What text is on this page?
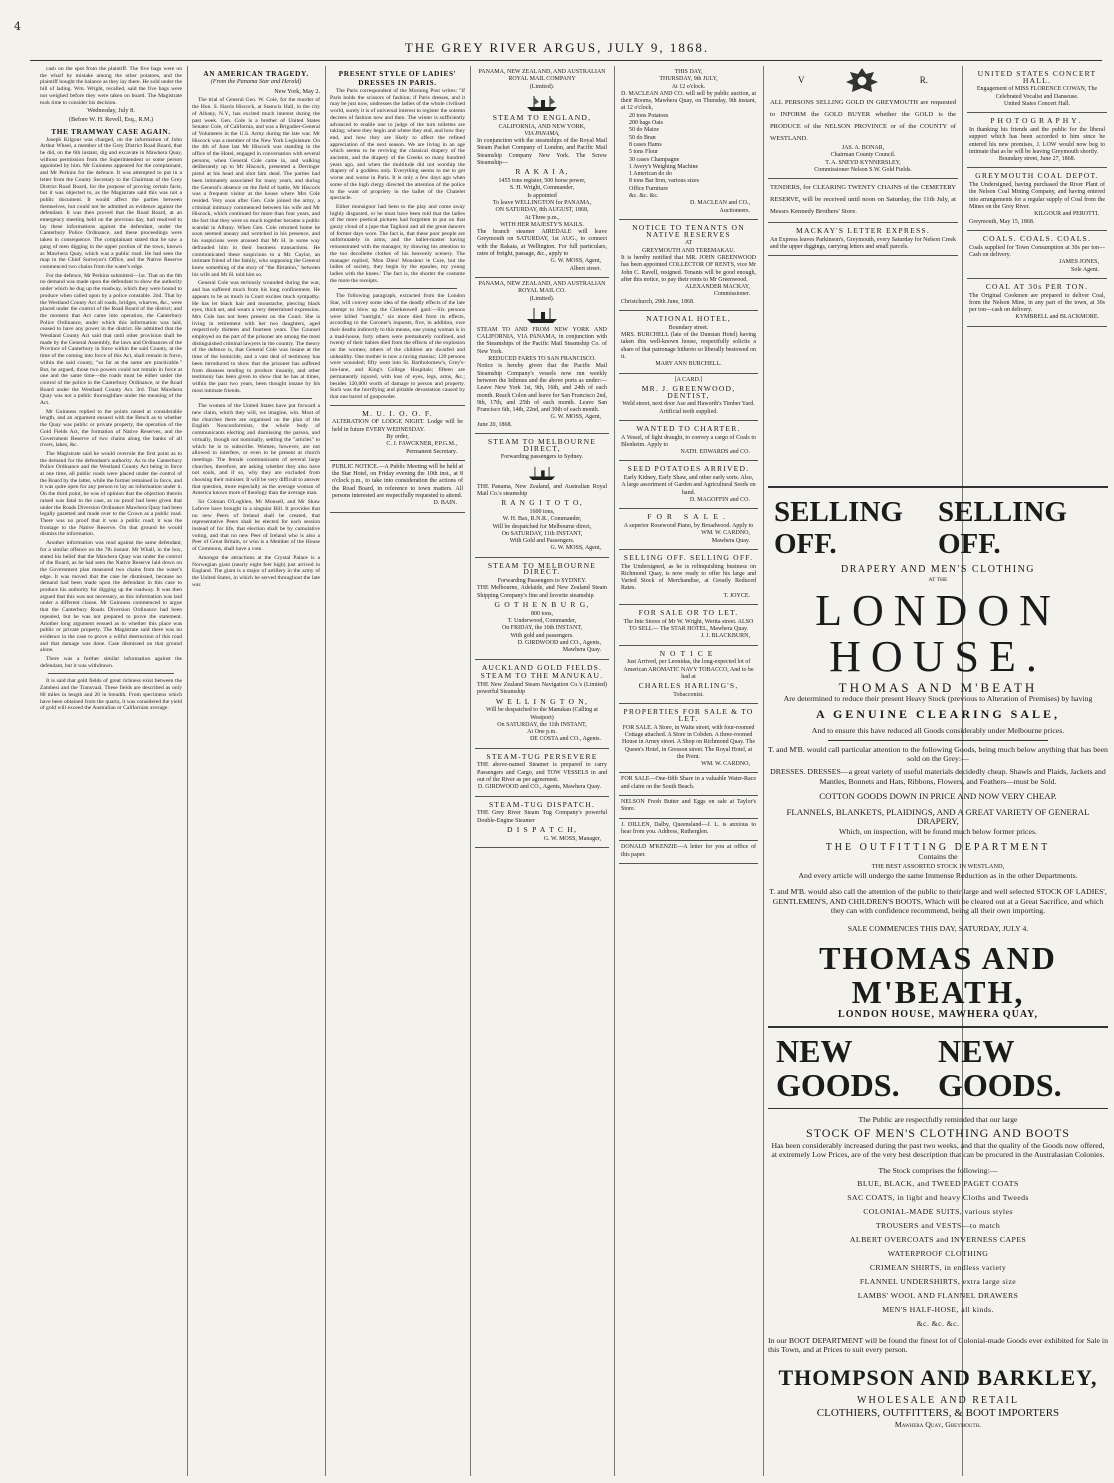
4
THE GREY RIVER ARGUS, JULY 9, 1868.

cash on the spot from the plaintiff. The five bags were on the wharf by mistake among the other potatoes, and the plaintiff bought the balance as they lay there. He sold under the bill of lading. Wm. Wright, recalled, said the five bags were not weighed before they were taken on board. The Magistrate took time to consider his decision.

Wednesday, July 8.
(Before W. H. Revell, Esq., R.M.)
THE TRAMWAY CASE AGAIN.

Joseph Kilgour was charged, on the information of John Arthur Wheel, a member of the Grey District Road Board, that he did, on the 6th instant, dig and excavate in Mawhera Quay, without permission from the Superintendent or some person appointed by him. Mr Guinness appeared for the complainant, and Mr Perkins for the defence. It was attempted to put in a letter from the County Secretary to the Chairman of the Grey District Road Board, for the purpose of proving certain facts, but it was objected to, as the Magistrate said this was not a public document. It would affect the parties between themselves, but could not be admitted as evidence against the defendant. It was then proved that the Road Board, at an emergency meeting held on the previous day, had resolved to lay these informations against the defendant, under the Canterbury Police Ordinance, and these proceedings were taken in consequence. The complainant stated that he saw a gang of men digging in the upper portion of the town, known as Mawhera Quay, which was a public road. He had seen the map in the Chief Surveyor's Office, and the Native Reserve commenced two chains from the water's edge.

For the defence, Mr Perkins submitted—1st. That on the 6th no demand was made upon the defendant to show the authority under which he dug up the roadway, which they were bound to produce when called upon by a police constable. 2nd. That by the Westland County Act all roads, bridges, wharves, &c., were placed under the control of the Road Board of the district; and the moment that Act came into operation, the Canterbury Police Ordinance, under which this information was laid, ceased to have any power in the district. He admitted that the Westland County Act said that until other provision shall be made by the General Assembly, the laws and Ordinances of the Province of Canterbury in force within the said County, at the time of the coming into force of this Act, shall remain in force, within the said county, "so far as the same are practicable." But, he argued, those two powers could not remain in force at one and the same time—the roads must be either under the control of the police in the Canterbury Ordinance, or the Road Board under the Westland County Act. 3rd. That Mawhera Quay was not a public thoroughfare under the meaning of the Act.

Mr Guinness replied to the points raised at considerable length, and an argument ensued with the Bench as to whether the Quay was public or private property, the operation of the Gold Fields Act, the formation of Native Reserves, and the Government Reserve of two chains along the banks of all rivers, lakes, &c.

The Magistrate said he would overrule the first point as to the demand for the defendant's authority. As to the Canterbury Police Ordinance and the Westland County Act being in force at one time, all public roads were placed under the control of the Board by the latter, while the former remained in force, and it was quite open for any person to lay an information under it. On the third point, he was of opinion that the objection therein raised was fatal to the case, as no proof had been given that under the Roads Diversion Ordinance Mawhera Quay had been legally gazetted and made over to the Crown as a public road. There was no proof that it was a public road; it was the frontage to the Native Reserve. On that ground he would dismiss the information.

Another information was read against the same defendant, for a similar offence on the 7th instant. Mr Whall, in the box, stated his belief that the Mawhera Quay was under the control of the Board, as he had seen the Native Reserve laid down on the Government plan measured two chains from the water's edge. It was moved that the case be dismissed, because no demand had been made upon the defendant in this case to produce his authority for digging up the roadway. It was then argued that this was not necessary, as this information was laid under a different clause. Mr Guinness commenced to argue that the Canterbury Roads Diversion Ordinance had been repealed, but he was not prepared to prove the statement. Another long argument ensued as to whether this place was public or private property. The Magistrate said there was no evidence in the case to prove a wilful destruction of this road and that damage was done. Case dismissed on that ground alone.

There was a further similar information against the defendant, but it was withdrawn.

It is said that gold fields of great richness exist between the Zambesi and the Transvaal. These fields are described as only 80 miles in length and 20 in breadth. From specimens which have been obtained from the quartz, it was considered the yield of gold will exceed the Australian or Californian average.

AN AMERICAN TRAGEDY.
(From the Panama Star and Herald)
New York, May 2.

The trial of General Geo. W. Cole, for the murder of the Hon. S. Harris Hiscock, at Stanwix Hall, in the city of Albany, N.Y., has excited much interest during the past week. Gen. Cole is a brother of United States Senator Cole, of California, and was a Brigadier-General of Volunteers in the U.S. Army during the late war. Mr Hiscock was a member of the New York Legislature. On the 4th of June last Mr Hiscock was standing in the office of the Hotel, engaged in conversation with several persons, when General Cole came in, and walking deliberately up to Mr Hiscock, presented a Derringer pistol at his head and shot him dead. The parties had been intimately associated for many years, and during the General's absence on the field of battle, Mr Hiscock was a frequent visitor at the house where Mrs Cole resided. Very soon after Gen. Cole joined the army, a criminal intimacy commenced between his wife and Mr Hiscock, which continued for more than four years, and the fact that they were so much together became a public scandal in Albany. When Gen. Cole returned home he soon seemed uneasy and wretched in his presence, and his suspicions were aroused that Mr H. in some way defrauded him in their business transactions. He communicated these suspicions to a Mr. Caylor, an intimate friend of the family, who supposing the General knew something of the story of "the flirtation," between his wife and Mr H. told him so.

General Cole was seriously wounded during the war, and has suffered much from his long confinement. He appears to be as much in Court excites much sympathy. He has let black hair and moustache, piercing black eyes, thick set, and wears a very determined expression. Mrs Cole has not been present on the Court. She is living in retirement with her two daughters, aged respectively thirteen and fourteen years. The Counsel employed on the part of the prisoner are among the most distinguished criminal lawyers in the country. The theory of the defence is, that General Cole was insane at the time of the homicide, and a vast deal of testimony has been introduced to show that the prisoner has suffered from diseases tending to produce insanity, and other testimony has been given to show that he has at times, within the past two years, been thought insane by his most intimate friends.

The women of the United States have put forward a new claim, which they will, we imagine, win. Most of the churches there are organised on the plan of the English Nonconformists, the whole body of communicants electing and dismissing the parson, and virtually, though not nominally, settling the "articles" to which he is to subscribe. Women, however, are not allowed to interfere, or even to be present at church meetings. The female communicants of several large churches, therefore, are asking whether they also have not souls, and if so, why they are excluded from choosing their minister. It will be very difficult to answer that question, more especially as the average woman of America knows more of theology than the average man.

Sir Colman O'Loghlen, Mr Monsell, and Mr Shaw Lefevre have brought in a singular Bill. It provides that no new Peers of Ireland shall be created, that representative Peers shall be elected for each session instead of for life, that election shall be by cumulative voting, and that no new Peer of Ireland who is also a Peer of Great Britain, or who is a Member of the House of Commons, shall have a vote.

Amongst the attractions at the Crystal Palace is a Norwegian giant (nearly eight feet high) just arrived in England. The giant is a major of artillery in the army of the United States, in which he served throughout the late war.

PRESENT STYLE OF LADIES' DRESSES IN PARIS.

The Paris correspondent of the Morning Post writes: "If Paris holds the scissors of fashion; if Paris dresses, and it may be just now, undresses the ladies of the whole civilised world, surely it is of universal interest to register the solemn decrees of fashion now and then. The winter is sufficiently advanced to enable one to judge of the turn toilettes are taking; where they begin and where they end, and how they end, and how they are likely to affect the refined appreciation of the next season. We are living in an age which seems to be reviving the classical drapery of the ancients, and the drapery of the Greeks so many hundred years ago, and when the multitude did not worship the drapery of a goddess only. Everything seems to me to get worse and worse in Paris. It is only a few days ago when some of the high clergy directed the attention of the police to the want of propriety in the ballet of the Chatelet spectacle.

Either monsignor had been to the play and come away highly disgusted, or he must have been told that the ladies of the more poetical pictures had forgotten to put on that gauzy cloud of a jupe that Taglioni and all the great dancers of former days wore. The fact is, that these poor people are unfortunately in arms, and the ballet-master having remonstrated with the manager, by drawing his attention to the too decollette clothes of his heavenly scenery. The manager replied, 'Mon Dieu! Monsieur le Cure, but the ladies of society, they begin by the epaules, my young ladies with the knees.' The fact is, the shorter the costume the more the receipts.

The following paragraph, extracted from the London Star, will convey some idea of the deadly effects of the late attempt to blow up the Clerkenwell gaol:—Six persons were killed "outright," six more died from its effects, according to the Coroner's inquests, five, in addition, owe their deaths indirectly to this means, one young woman is in a mad-house, forty others were prematurely confined, and twenty of their babies died from the effects of the explosion on the women; others of the children are dwarfed and unhealthy. One mother is now a raving maniac; 120 persons were wounded; fifty went into St. Bartholomew's, Grey's-inn-lane, and King's College Hospitals; fifteen are permanently injured, with loss of eyes, legs, arms, &c.; besides 120,000 worth of damage to person and property. Such was the horrifying and pitiable devastation caused by that one barrel of gunpowder.

M. U. I. O. O. F.
ALTERATION OF LODGE NIGHT. Lodge will be held in future EVERY WEDNESDAY.
By order,
C. J. FAWCKNER, P.P.G.M.,
Permanent Secretary.
PUBLIC NOTICE.—A Public Meeting will be held at the Star Hotel, on Friday evening the 10th inst., at 8 o'clock p.m., to take into consideration the actions of the Road Board, in reference to town matters. All persons interested are respectfully requested to attend.
D. BAIN.
PANAMA, NEW ZEALAND, AND AUSTRALIAN ROYAL MAIL COMPANY
(Limited).
STEAM TO ENGLAND,
CALIFORNIA, AND NEW YORK,
VIA PANAMA,
In conjunction with the steamships of the Royal Mail Steam Packet Company of London, and Pacific Mail Steamship Company New York. The Screw Steamship—
R A K A I A,
1455 tons register, 500 horse power,
S. H. Wright, Commander,
Is appointed
To leave WELLINGTON for PANAMA,
ON SATURDAY, 8th AUGUST, 1868,
At Three p.m.,
WITH HER MAJESTY'S MAILS.
The branch steamer AIREDALE will leave Greymouth on SATURDAY, 1st AUG., to connect with the Rakaia, at Wellington. For full particulars, rates of freight, passage, &c., apply to
G. W. MOSS, Agent,
Albert street.
PANAMA, NEW ZEALAND, AND AUSTRALIAN ROYAL MAIL CO.
(Limited).
STEAM TO AND FROM NEW YORK AND CALIFORNIA, VIA PANAMA, in conjunction with the Steamships of the Pacific Mail Steamship Co. of New York.
REDUCED FARES TO SAN FRANCISCO.
Notice is hereby given that the Pacific Mail Steamship Company's vessels now run weekly between the Isthmus and the above ports as under:— Leave New York 1st, 9th, 16th, and 24th of each month. Reach Colon and leave for San Francisco 2nd, 9th, 17th, and 25th of each month. Leave San Francisco 6th, 14th, 22nd, and 30th of each month.
G. W. MOSS, Agent,
June 20, 1868.
STEAM TO MELBOURNE DIRECT,
Forwarding passengers to Sydney.
THE Panama, New Zealand, and Australian Royal Mail Co.'s steamship
R A N G I T O T O,
1600 tons,
W. H. Bax, R.N.R., Commander,
Will be despatched for Melbourne direct,
On SATURDAY, 11th INSTANT,
With Gold and Passengers.
G. W. MOSS, Agent,
STEAM TO MELBOURNE DIRECT.
Forwarding Passengers to SYDNEY.
THE Melbourne, Adelaide, and New Zealand Steam Shipping Company's fine and favorite steamship
G O T H E N B U R G,
800 tons,
T. Underwood, Commander,
On FRIDAY, the 10th INSTANT,
With gold and passengers.
D. GIRDWOOD and CO., Agents,
Mawhera Quay.
AUCKLAND GOLD FIELDS.
STEAM TO THE MANUKAU.
THE New Zealand Steam Navigation Co.'s (Limited) powerful Steamship
W E L L I N G T O N,
Will be despatched to the Manukau (Calling at Westport)
On SATURDAY, the 11th INSTANT,
At One p.m.
DE COSTA and CO., Agents.
STEAM-TUG PERSEVERE
THE above-named Steamer is prepared to carry Passengers and Cargo, and TOW VESSELS in and out of the River as per agreement.
D. GIRDWOOD and CO., Agents, Mawhera Quay.
STEAM-TUG DISPATCH.
THE Grey River Steam Tug Company's powerful Double-Engine Steamer
D I S P A T C H,
G. W. MOSS, Manager,
THIS DAY,
THURSDAY, 9th JULY,
At 12 o'clock.
D. MACLEAN AND CO. will sell by public auction, at their Rooms, Mawhera Quay, on Thursday, 9th instant, at 12 o'clock,
20 tons Potatoes
200 bags Oats
50 do Maize
50 do Bran
8 cases Hams
5 tons Flour
30 cases Champagne
1 Avery's Weighing Machine
1 American do do
8 tons Bar Iron, various sizes
Office Furniture
&c. &c. &c.
D. MACLEAN and CO.,
Auctioneers.
NOTICE TO TENANTS ON NATIVE RESERVES
AT
GREYMOUTH AND TEREMAKAU.
It is hereby notified that MR. JOHN GREENWOOD has been appointed COLLECTOR OF RENTS, vice Mr John C. Ravell, resigned. Tenants will be good enough, after this notice, to pay their rents to Mr Greenwood.
ALEXANDER MACKAY,
Commissioner.
Christchurch, 29th June, 1868.
NATIONAL HOTEL,
Boundary street.
MRS. BURCHELL (late of the Dunstan Hotel) having taken this well-known house, respectfully solicits a share of that patronage hitherto so liberally bestowed on it.
MARY ANN BURCHELL.
[A CARD.]
MR. J. GREENWOOD, DENTIST,
Weld street, next door Ase and Haworth's Timber Yard. Artificial teeth supplied.
WANTED TO CHARTER.
A Vessel, of light draught, to convey a cargo of Coals to Blenheim. Apply to
NATH. EDWARDS and CO.
SEED POTATOES ARRIVED.
Early Kidney, Early Shaw, and other early sorts. Also, A large assortment of Garden and Agricultural Seeds on hand.
D. MAGOFFIN and CO.
FOR SALE.
A superior Rosewood Piano, by Broadwood. Apply to
WM. W. CARDNO,
Mawhera Quay.
SELLING OFF. SELLING OFF.
The Undersigned, as he is relinquishing business on Richmond Quay, is now ready to offer his large and Varied Stock of Merchandise, at Greatly Reduced Rates.
T. JOYCE.
FOR SALE OR TO LET.
The Inte Stores of Mr W. Wright, Werita street. ALSO TO SELL— The STAR HOTEL, Mawhera Quay.
J. J. BLACKBURN,
NOTICE
Just Arrived, per Leonidas, the long-expected lot of American AROMATIC NAVY TOBACCO, And to be had at
CHARLES HARLING'S,
Tobacconist.
PROPERTIES FOR SALE & TO LET.
FOR SALE. A Store, in Waite street, with four-roomed Cottage attached. A Store in Cobden. A three-roomed House in Arney street. A Shop on Richmond Quay. The Queen's Hotel, in Gresson street. The Royal Hotel, at the Point.
WM. W. CARDNO,
FOR SALE—One-fifth Share in a valuable Water-Race and claim on the South Beach.
NELSON Fresh Butter and Eggs on sale at Taylor's Store.
J. DILLEN, Dalby, Queensland—J. L. is anxious to hear from you. Address, Rutherglen.
DONALD M'KENZIE—A letter for you at office of this paper.
V	R.
ALL PERSONS SELLING GOLD IN GREYMOUTH are requested to INFORM the GOLD BUYER whether the GOLD is the PRODUCE of the NELSON PROVINCE or of the COUNTY of WESTLAND.
JAS. A. BONAR,
Chairman County Council.
T. A. SNEYD KYNNERSLEY,
Commissioner Nelson S.W. Gold Fields.
TENDERS, for CLEARING TWENTY CHAINS of the CEMETERY RESERVE, will be received until noon on Saturday, the 11th July, at Messrs Kennedy Brothers' Store.
MACKAY'S LETTER EXPRESS.
An Express leaves Parkinson's, Greymouth, every Saturday for Nelson Creek and the upper diggings, carrying letters and small parcels.
UNITED STATES CONCERT HALL.
Engagement of MISS FLORENCE COWAN, The Celebrated Vocalist and Danseuse.
United States Concert Hall.
PHOTOGRAPHY.
In thanking his friends and the public for the liberal support which has been accorded to him since he entered his new premises, J. LOW would now beg to intimate that as he will be leaving Greymouth shortly.
Boundary street, June 27, 1868.
GREYMOUTH COAL DEPOT.
The Undersigned, having purchased the River Plant of the Nelson Coal Mining Company, and having entered into arrangements for a regular supply of Coal from the Mines on the Grey River.
KILGOUR and PEROTTI.
Greymouth, May 15, 1868.
COALS. COALS. COALS.
Coals supplied for Town Consumption at 30s per ton—Cash on delivery.
JAMES JONES,
Sole Agent.
COAL AT 30s PER TON.
The Original Cookmen are prepared to deliver Coal, from the Nelson Mine, in any part of the town, at 30s per ton—cash on delivery.
KYMBRELL and BLACKMORE.
SELLING OFF.
SELLING OFF.
DRAPERY AND MEN'S CLOTHING
AT THE
LONDON HOUSE.
THOMAS AND M'BEATH
Are determined to reduce their present Heavy Stock (previous to Alteration of Premises) by having
A GENUINE CLEARING SALE,
And to ensure this have reduced all Goods considerably under Melbourne prices.
T. and M'B. would call particular attention to the following Goods, being much below anything that has been sold on the Grey:—
DRESSES. DRESSES—a great variety of useful materials decidedly cheap. Shawls and Plaids, Jackets and Mantles, Bonnets and Hats, Ribbons, Flowers, and Feathers—must be Sold.
COTTON GOODS DOWN IN PRICE AND NOW VERY CHEAP.
FLANNELS, BLANKETS, PLAIDINGS, AND A GREAT VARIETY OF GENERAL DRAPERY,
Which, on inspection, will be found much below former prices.
THE OUTFITTING DEPARTMENT
Contains the
THE BEST ASSORTED STOCK IN WESTLAND,
And every article will undergo the same Immense Reduction as in the other Departments.
T. and M'B. would also call the attention of the public to their large and well selected STOCK OF LADIES', GENTLEMEN'S, AND CHILDREN'S BOOTS, Which will be cleared out at a Great Sacrifice, and which they can with confidence recommend, being all their own importing.
SALE COMMENCES THIS DAY, SATURDAY, JULY 4.
THOMAS AND M'BEATH,
LONDON HOUSE, MAWHERA QUAY,
NEW GOODS.
NEW GOODS.
The Public are respectfully reminded that our large
STOCK OF MEN'S CLOTHING AND BOOTS
Has been considerably increased during the past two weeks, and that the quality of the Goods now offered, at extremely Low Prices, are of the very best description that can be procured in the Australasian Colonies.
The Stock comprises the following:—
BLUE, BLACK, and TWEED PAGET COATS
SAC COATS, in light and heavy Cloths and Tweeds
COLONIAL-MADE SUITS, various styles
TROUSERS and VESTS—to match
ALBERT OVERCOATS and INVERNESS CAPES
WATERPROOF CLOTHING
CRIMEAN SHIRTS, in endless variety
FLANNEL UNDERSHIRTS, extra large size
LAMBS' WOOL AND FLANNEL DRAWERS
MEN'S HALF-HOSE, all kinds.
&c. &c. &c.
In our BOOT DEPARTMENT will be found the finest lot of Colonial-made Goods ever exhibited for Sale in this Town, and at Prices to suit every person.
THOMPSON AND BARKLEY,
WHOLESALE AND RETAIL
CLOTHIERS, OUTFITTERS, & BOOT IMPORTERS
Mawhera Quay, Greymouth.
